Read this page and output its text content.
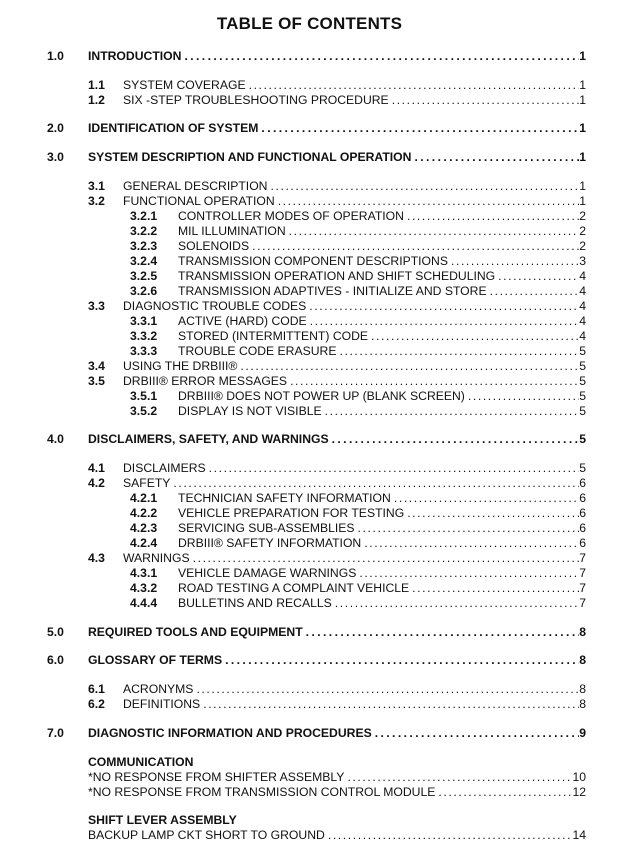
TABLE OF CONTENTS
1.0 INTRODUCTION .....	1
1.1 SYSTEM COVERAGE .....	1
1.2 SIX -STEP TROUBLESHOOTING PROCEDURE .....	1
2.0 IDENTIFICATION OF SYSTEM .....	1
3.0 SYSTEM DESCRIPTION AND FUNCTIONAL OPERATION .....	1
3.1 GENERAL DESCRIPTION .....	1
3.2 FUNCTIONAL OPERATION .....	1
3.2.1 CONTROLLER MODES OF OPERATION .....	2
3.2.2 MIL ILLUMINATION .....	2
3.2.3 SOLENOIDS .....	2
3.2.4 TRANSMISSION COMPONENT DESCRIPTIONS .....	3
3.2.5 TRANSMISSION OPERATION AND SHIFT SCHEDULING .....	4
3.2.6 TRANSMISSION ADAPTIVES - INITIALIZE AND STORE .....	4
3.3 DIAGNOSTIC TROUBLE CODES .....	4
3.3.1 ACTIVE (HARD) CODE .....	4
3.3.2 STORED (INTERMITTENT) CODE .....	4
3.3.3 TROUBLE CODE ERASURE .....	5
3.4 USING THE DRBIII® .....	5
3.5 DRBIII® ERROR MESSAGES .....	5
3.5.1 DRBIII® DOES NOT POWER UP (BLANK SCREEN) .....	5
3.5.2 DISPLAY IS NOT VISIBLE .....	5
4.0 DISCLAIMERS, SAFETY, AND WARNINGS .....	5
4.1 DISCLAIMERS .....	5
4.2 SAFETY .....	6
4.2.1 TECHNICIAN SAFETY INFORMATION .....	6
4.2.2 VEHICLE PREPARATION FOR TESTING .....	6
4.2.3 SERVICING SUB-ASSEMBLIES .....	6
4.2.4 DRBIII® SAFETY INFORMATION .....	6
4.3 WARNINGS .....	7
4.3.1 VEHICLE DAMAGE WARNINGS .....	7
4.3.2 ROAD TESTING A COMPLAINT VEHICLE .....	7
4.4.4 BULLETINS AND RECALLS .....	7
5.0 REQUIRED TOOLS AND EQUIPMENT .....	8
6.0 GLOSSARY OF TERMS .....	8
6.1 ACRONYMS .....	8
6.2 DEFINITIONS .....	8
7.0 DIAGNOSTIC INFORMATION AND PROCEDURES .....	9
COMMUNICATION
*NO RESPONSE FROM SHIFTER ASSEMBLY .....	10
*NO RESPONSE FROM TRANSMISSION CONTROL MODULE .....	12
SHIFT LEVER ASSEMBLY
BACKUP LAMP CKT SHORT TO GROUND .....	14
